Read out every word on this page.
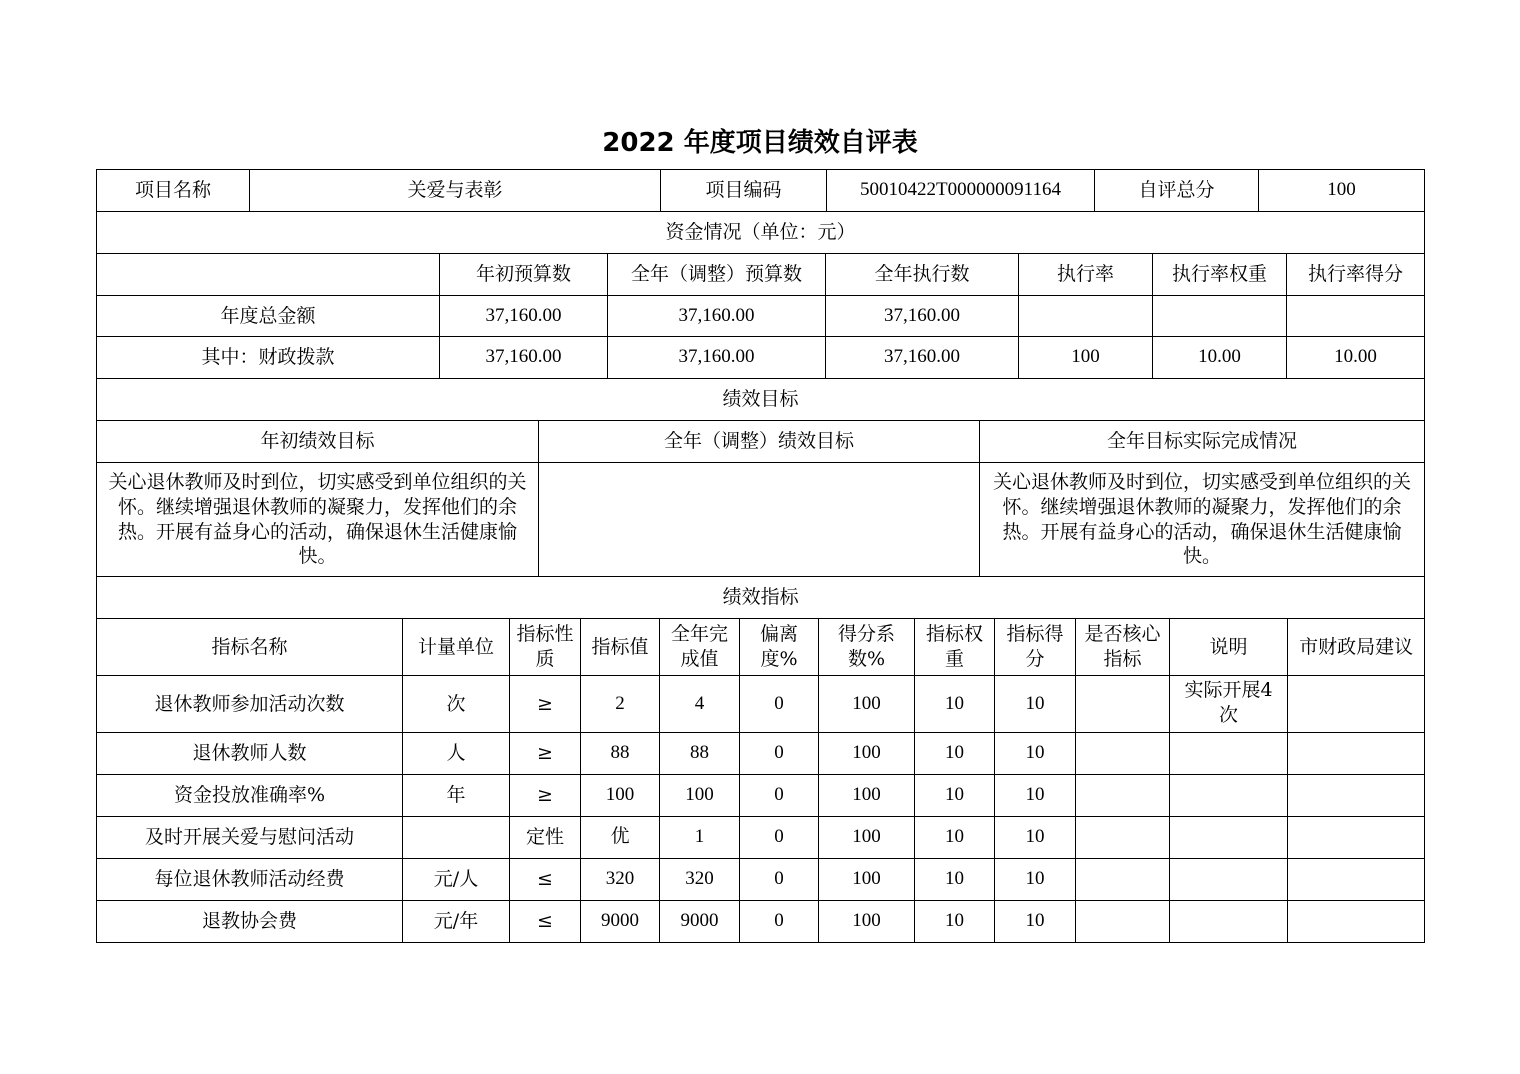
2022 年度项目绩效自评表
项目名称	关爱与表彰	项目编码	50010422T000000091164	自评总分	100
资金情况（单位：元）						
	年初预算数	全年（调整）预算数	全年执行数	执行率	执行率权重	执行率得分
年度总金额	37,160.00	37,160.00	37,160.00			
其中：财政拨款	37,160.00	37,160.00	37,160.00	100	10.00	10.00
绩效目标		
年初绩效目标	全年（调整）绩效目标	全年目标实际完成情况
关心退休教师及时到位，切实感受到单位组织的关怀。继续增强退休教师的凝聚力，发挥他们的余热。开展有益身心的活动，确保退休生活健康愉快。		关心退休教师及时到位，切实感受到单位组织的关怀。继续增强退休教师的凝聚力，发挥他们的余热。开展有益身心的活动，确保退休生活健康愉快。
绩效指标											
指标名称	计量单位	指标性质	指标值	全年完成值	偏离度%	得分系数%	指标权重	指标得分	是否核心指标	说明	市财政局建议
退休教师参加活动次数	次	≥	2	4	0	100	10	10		实际开展4次	
退休教师人数	人	≥	88	88	0	100	10	10			
资金投放准确率%	年	≥	100	100	0	100	10	10			
及时开展关爱与慰问活动		定性	优	1	0	100	10	10			
每位退休教师活动经费	元/人	≤	320	320	0	100	10	10			
退教协会费	元/年	≤	9000	9000	0	100	10	10			
